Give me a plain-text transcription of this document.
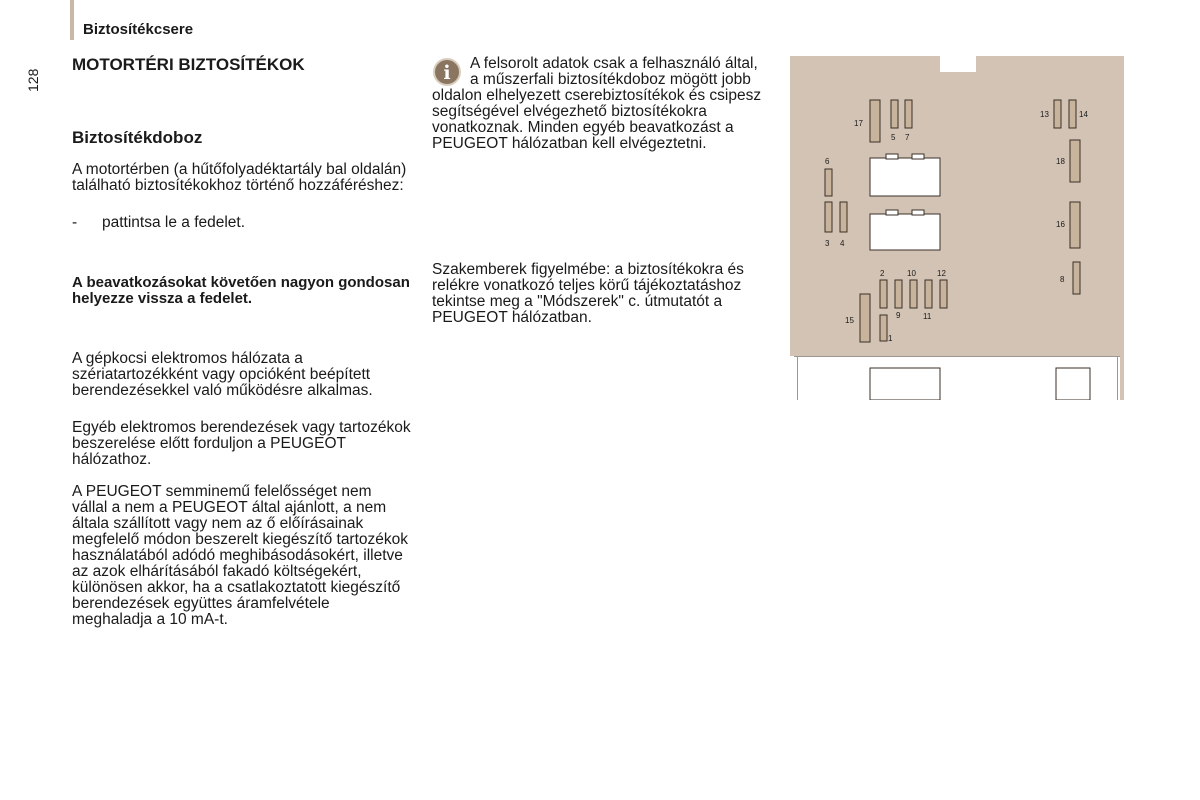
Biztosítékcsere
128
MOTORTÉRI BIZTOSÍTÉKOK
Biztosítékdoboz

A motortérben (a hűtőfolyadéktartály bal oldalán) található biztosítékokhoz történő hozzáféréshez:

- pattintsa le a fedelet.

A beavatkozásokat követően nagyon gondosan helyezze vissza a fedelet.

A gépkocsi elektromos hálózata a szériatartozékként vagy opcióként beépített berendezésekkel való működésre alkalmas.

Egyéb elektromos berendezések vagy tartozékok beszerelése előtt forduljon a PEUGEOT hálózathoz.

A PEUGEOT semminemű felelősséget nem vállal a nem a PEUGEOT által ajánlott, a nem általa szállított vagy nem az ő előírásainak megfelelő módon beszerelt kiegészítő tartozékok használatából adódó meghibásodásokért, illetve az azok elhárításából fakadó költségekért, különösen akkor, ha a csatlakoztatott kiegészítő berendezések együttes áramfelvétele meghaladja a 10 mA-t.

i	A felsorolt adatok csak a felhasználó által, a műszerfali biztosítékdoboz mögött jobb
oldalon elhelyezett cserebiztosítékok és csipesz segítségével elvégezhető biztosítékokra vonatkoznak. Minden egyéb beavatkozást a PEUGEOT hálózatban kell elvégeztetni.
Szakemberek figyelmébe: a biztosítékokra és relékre vonatkozó teljes körű tájékoztatáshoz tekintse meg a "Módszerek" c. útmutatót a PEUGEOT hálózatban.
17
5 7
6
3 4
2	10	12
9	11
15
1
13	14
18
16
8
